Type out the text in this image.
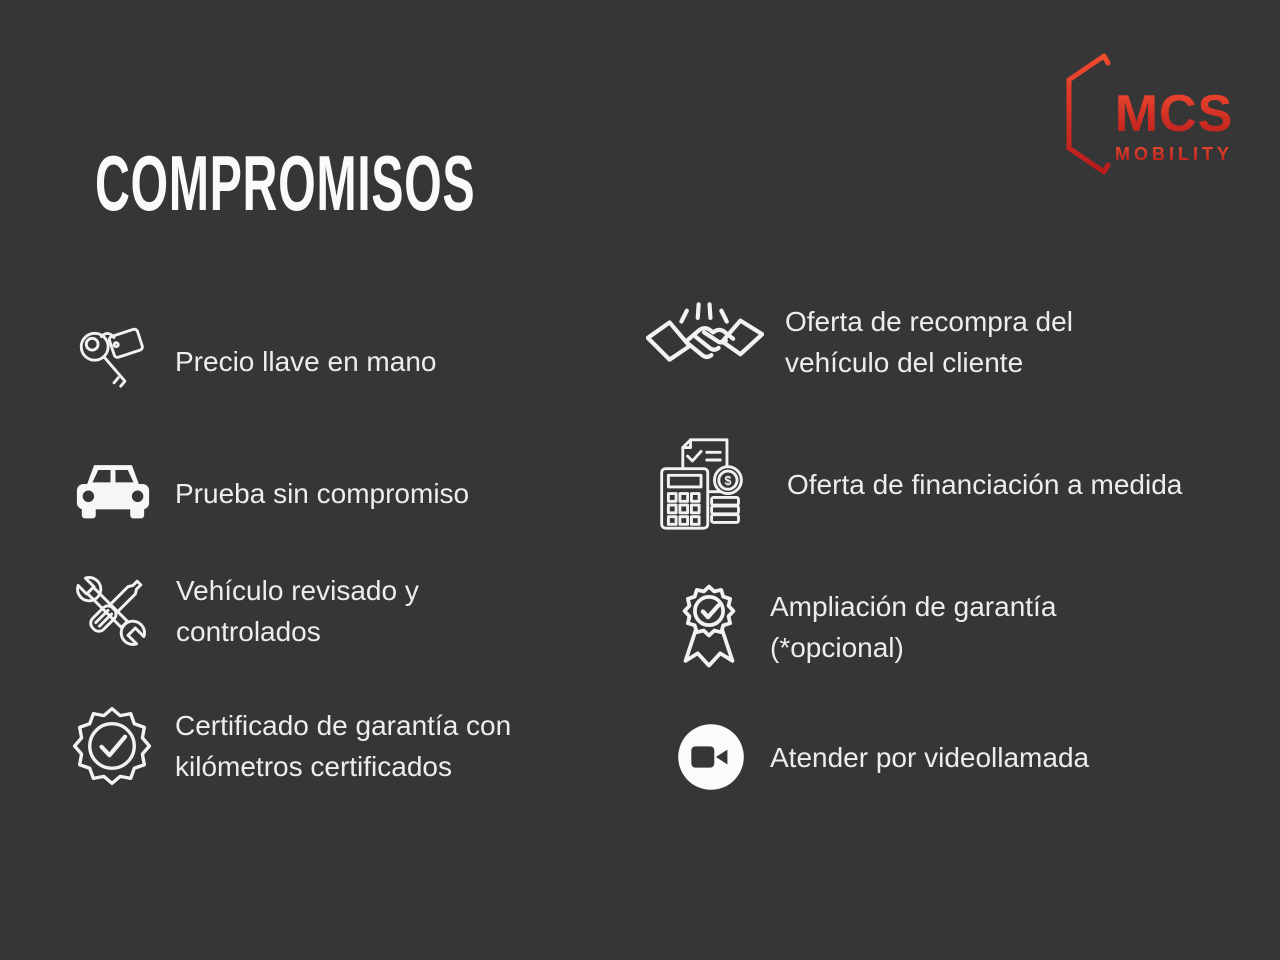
COMPROMISOS
MCS
MOBILITY
Precio llave en mano
Prueba sin compromiso
Vehículo revisado y
controlados
Certificado de garantía con
kilómetros certificados
Oferta de recompra del
vehículo del cliente
$ Oferta de financiación a medida
Ampliación de garantía
(*opcional)
Atender por videollamada
